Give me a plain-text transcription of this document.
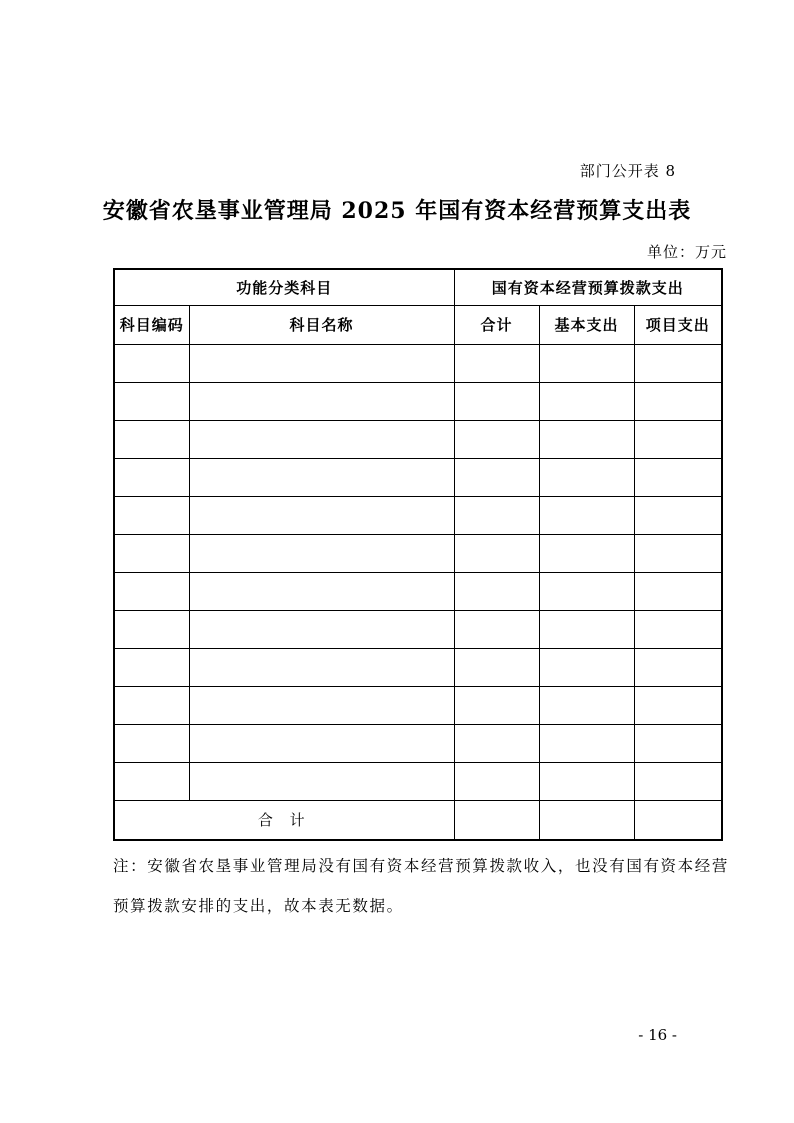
部门公开表 8
安徽省农垦事业管理局 2025 年国有资本经营预算支出表
单位：万元
功能分类科目		国有资本经营预算拨款支出		
科目编码	科目名称	合计	基本支出	项目支出

合 计				

注：安徽省农垦事业管理局没有国有资本经营预算拨款收入，也没有国有资本经营预算拨款安排的支出，故本表无数据。

- 16 -
